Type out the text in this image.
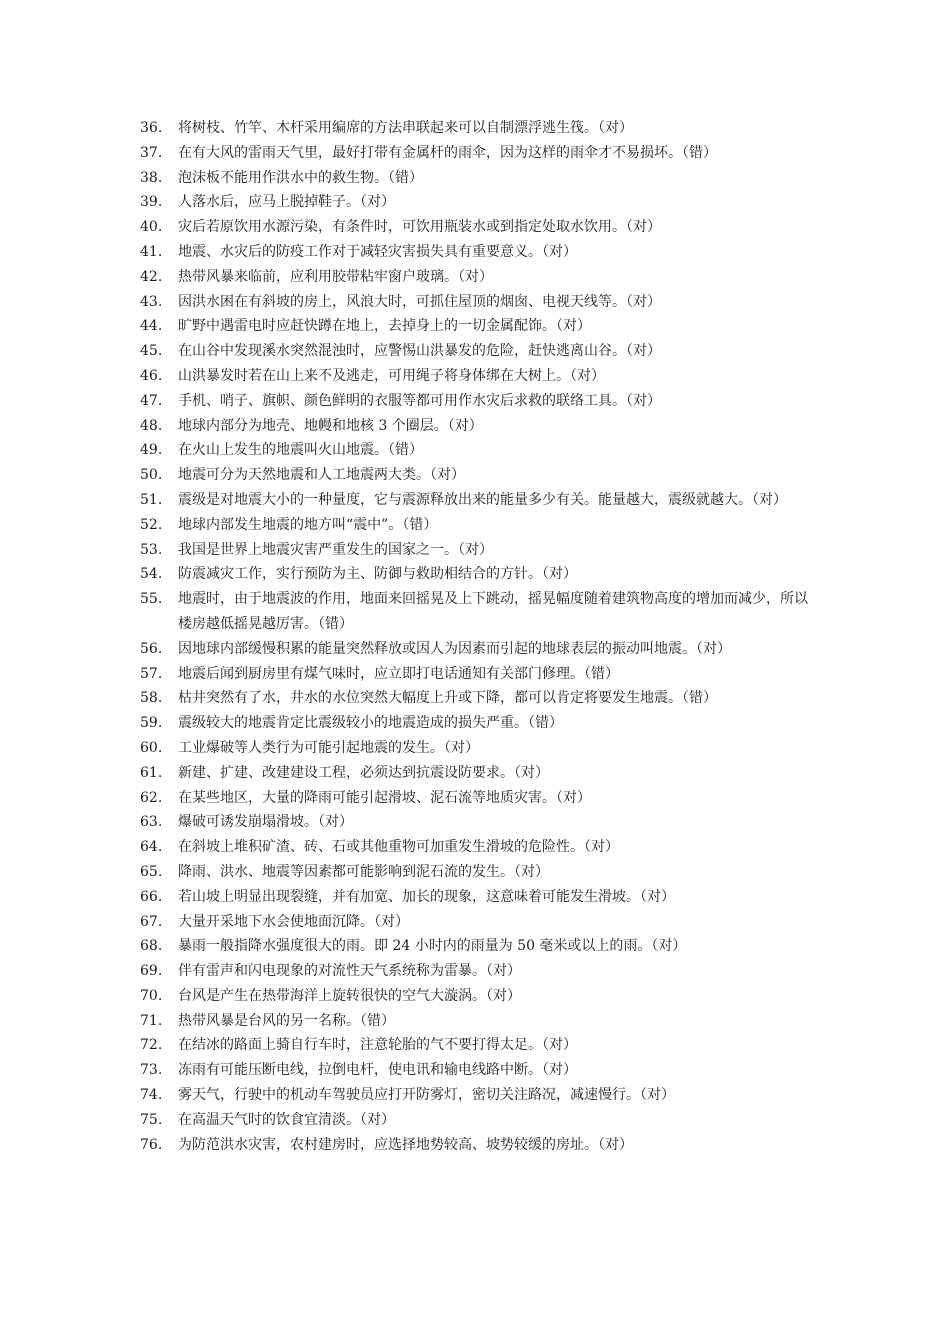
36.	将树枝、竹竿、木杆采用编席的方法串联起来可以自制漂浮逃生筏。（对）
37.	在有大风的雷雨天气里，最好打带有金属杆的雨伞，因为这样的雨伞才不易损坏。（错）
38.	泡沫板不能用作洪水中的救生物。（错）
39.	人落水后，应马上脱掉鞋子。（对）
40.	灾后若原饮用水源污染，有条件时，可饮用瓶装水或到指定处取水饮用。（对）
41.	地震、水灾后的防疫工作对于减轻灾害损失具有重要意义。（对）
42.	热带风暴来临前，应利用胶带粘牢窗户玻璃。（对）
43.	因洪水困在有斜坡的房上，风浪大时，可抓住屋顶的烟囱、电视天线等。（对）
44.	旷野中遇雷电时应赶快蹲在地上，去掉身上的一切金属配饰。（对）
45.	在山谷中发现溪水突然混浊时，应警惕山洪暴发的危险，赶快逃离山谷。（对）
46.	山洪暴发时若在山上来不及逃走，可用绳子将身体绑在大树上。（对）
47.	手机、哨子、旗帜、颜色鲜明的衣服等都可用作水灾后求救的联络工具。（对）
48.	地球内部分为地壳、地幔和地核 3 个圈层。（对）
49.	在火山上发生的地震叫火山地震。（错）
50.	地震可分为天然地震和人工地震两大类。（对）
51.	震级是对地震大小的一种量度，它与震源释放出来的能量多少有关。能量越大，震级就越大。（对）
52.	地球内部发生地震的地方叫“震中”。（错）
53.	我国是世界上地震灾害严重发生的国家之一。（对）
54.	防震减灾工作，实行预防为主、防御与救助相结合的方针。（对）
55.	地震时，由于地震波的作用，地面来回摇晃及上下跳动，摇晃幅度随着建筑物高度的增加而减少，所以楼房越低摇晃越厉害。（错）
56.	因地球内部缓慢积累的能量突然释放或因人为因素而引起的地球表层的振动叫地震。（对）
57.	地震后闻到厨房里有煤气味时，应立即打电话通知有关部门修理。（错）
58.	枯井突然有了水，井水的水位突然大幅度上升或下降，都可以肯定将要发生地震。（错）
59.	震级较大的地震肯定比震级较小的地震造成的损失严重。（错）
60.	工业爆破等人类行为可能引起地震的发生。（对）
61.	新建、扩建、改建建设工程，必须达到抗震设防要求。（对）
62.	在某些地区，大量的降雨可能引起滑坡、泥石流等地质灾害。（对）
63.	爆破可诱发崩塌滑坡。（对）
64.	在斜坡上堆积矿渣、砖、石或其他重物可加重发生滑坡的危险性。（对）
65.	降雨、洪水、地震等因素都可能影响到泥石流的发生。（对）
66.	若山坡上明显出现裂缝，并有加宽、加长的现象，这意味着可能发生滑坡。（对）
67.	大量开采地下水会使地面沉降。（对）
68.	暴雨一般指降水强度很大的雨。即 24 小时内的雨量为 50 毫米或以上的雨。（对）
69.	伴有雷声和闪电现象的对流性天气系统称为雷暴。（对）
70.	台风是产生在热带海洋上旋转很快的空气大漩涡。（对）
71.	热带风暴是台风的另一名称。（错）
72.	在结冰的路面上骑自行车时，注意轮胎的气不要打得太足。（对）
73.	冻雨有可能压断电线，拉倒电杆，使电讯和输电线路中断。（对）
74.	雾天气，行驶中的机动车驾驶员应打开防雾灯，密切关注路况，减速慢行。（对）
75.	在高温天气时的饮食宜清淡。（对）
76.	为防范洪水灾害，农村建房时，应选择地势较高、坡势较缓的房址。（对）
